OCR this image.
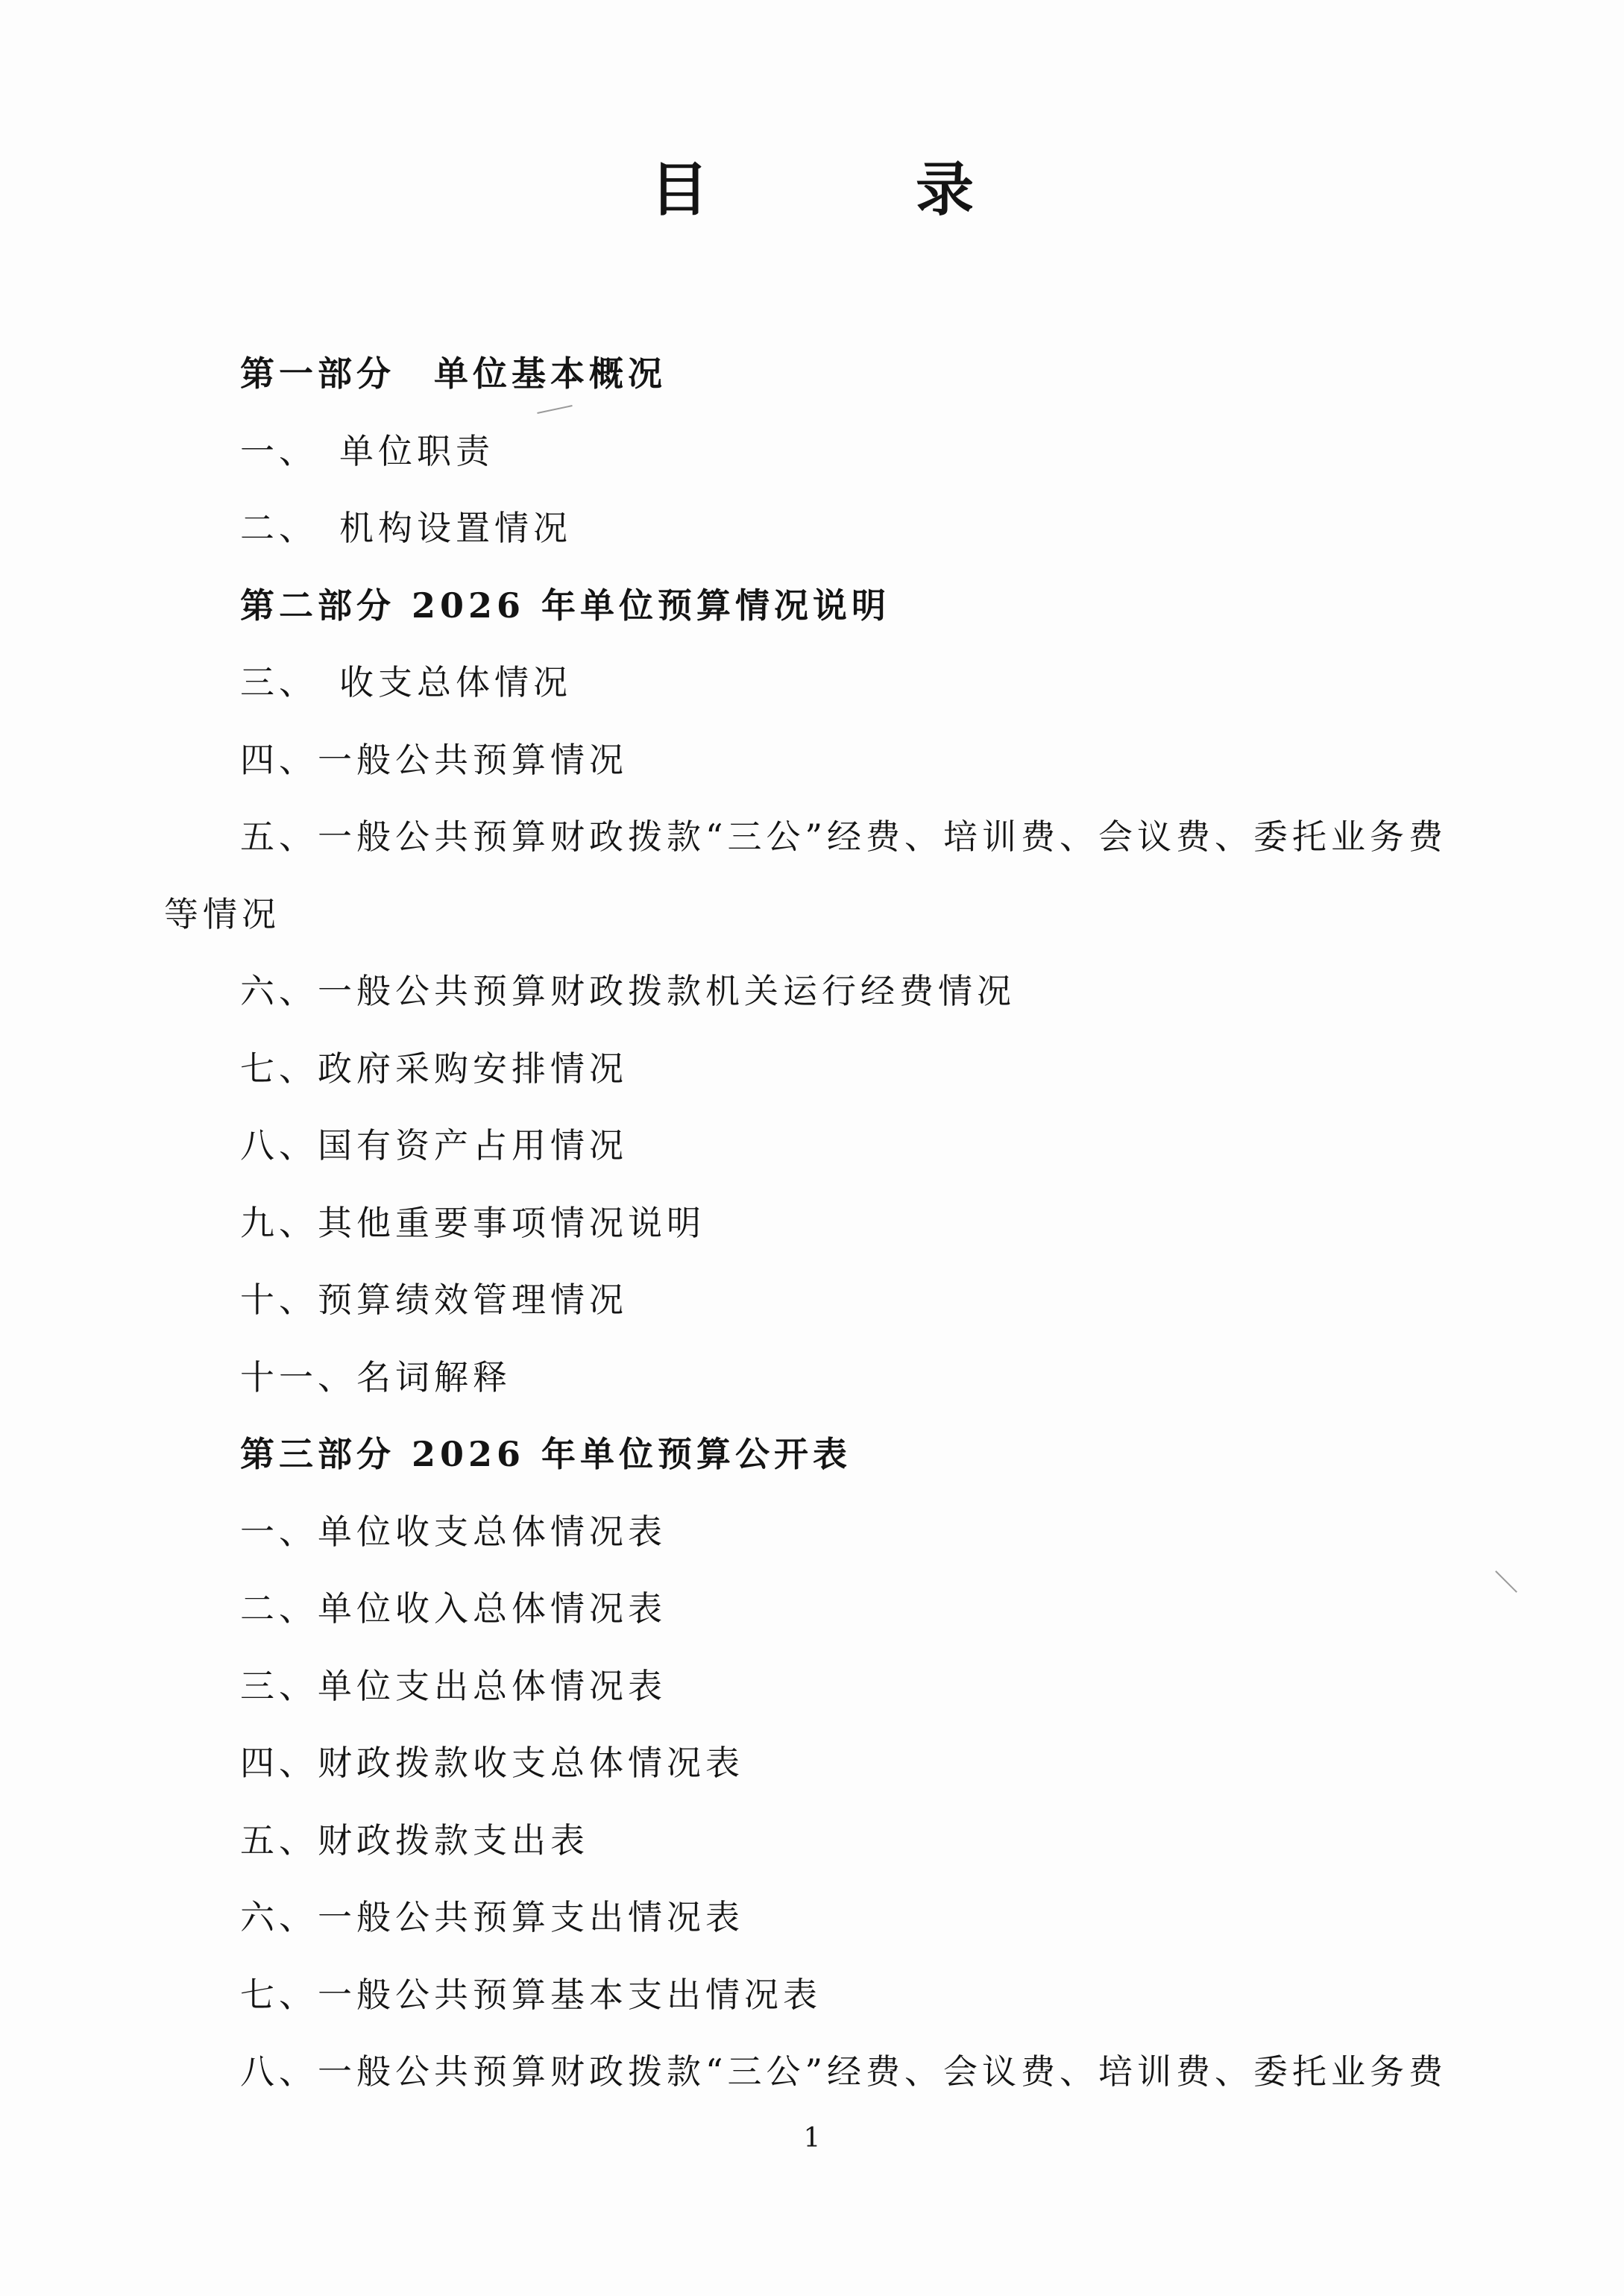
目　录
第一部分　单位基本概况
一、　单位职责
二、　机构设置情况
第二部分 2026 年单位预算情况说明
三、　收支总体情况
四、一般公共预算情况
五、一般公共预算财政拨款“三公”经费、培训费、会议费、委托业务费
等情况
六、一般公共预算财政拨款机关运行经费情况
七、政府采购安排情况
八、国有资产占用情况
九、其他重要事项情况说明
十、预算绩效管理情况
十一、名词解释
第三部分 2026 年单位预算公开表
一、单位收支总体情况表
二、单位收入总体情况表
三、单位支出总体情况表
四、财政拨款收支总体情况表
五、财政拨款支出表
六、一般公共预算支出情况表
七、一般公共预算基本支出情况表
八、一般公共预算财政拨款“三公”经费、会议费、培训费、委托业务费
1
